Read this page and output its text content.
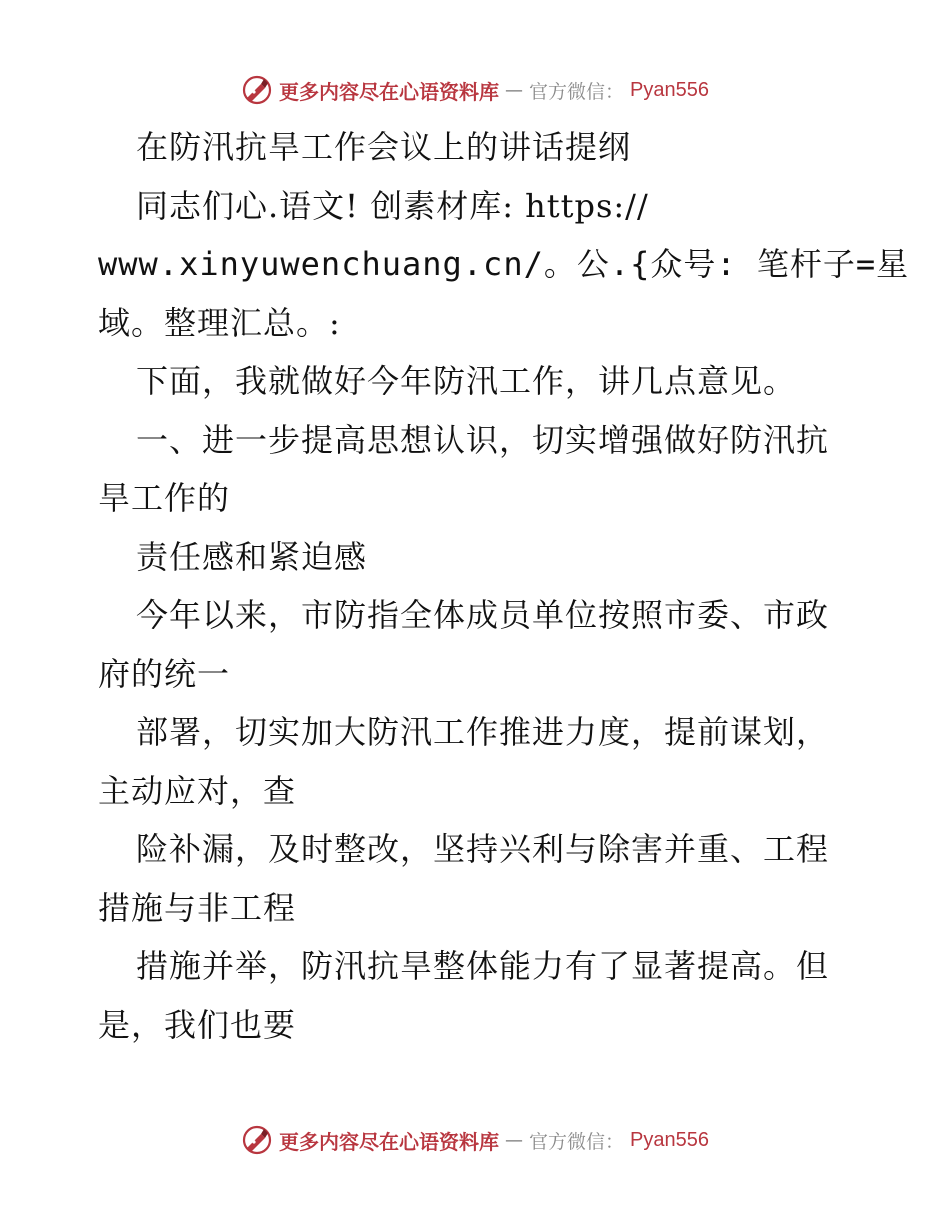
更多内容尽在心语资料库 — 官方微信： Pyan556
在防汛抗旱工作会议上的讲话提纲
同志们心.语文! 创素材库: https://
www.xinyuwenchuang.cn/。公.{众号: 笔杆子=星
域。整理汇总。:
下面，我就做好今年防汛工作，讲几点意见。
一、进一步提高思想认识，切实增强做好防汛抗
旱工作的
责任感和紧迫感
今年以来，市防指全体成员单位按照市委、市政
府的统一
部署，切实加大防汛工作推进力度，提前谋划，
主动应对，查
险补漏，及时整改，坚持兴利与除害并重、工程
措施与非工程
措施并举，防汛抗旱整体能力有了显著提高。但
是，我们也要
更多内容尽在心语资料库 — 官方微信： Pyan556
